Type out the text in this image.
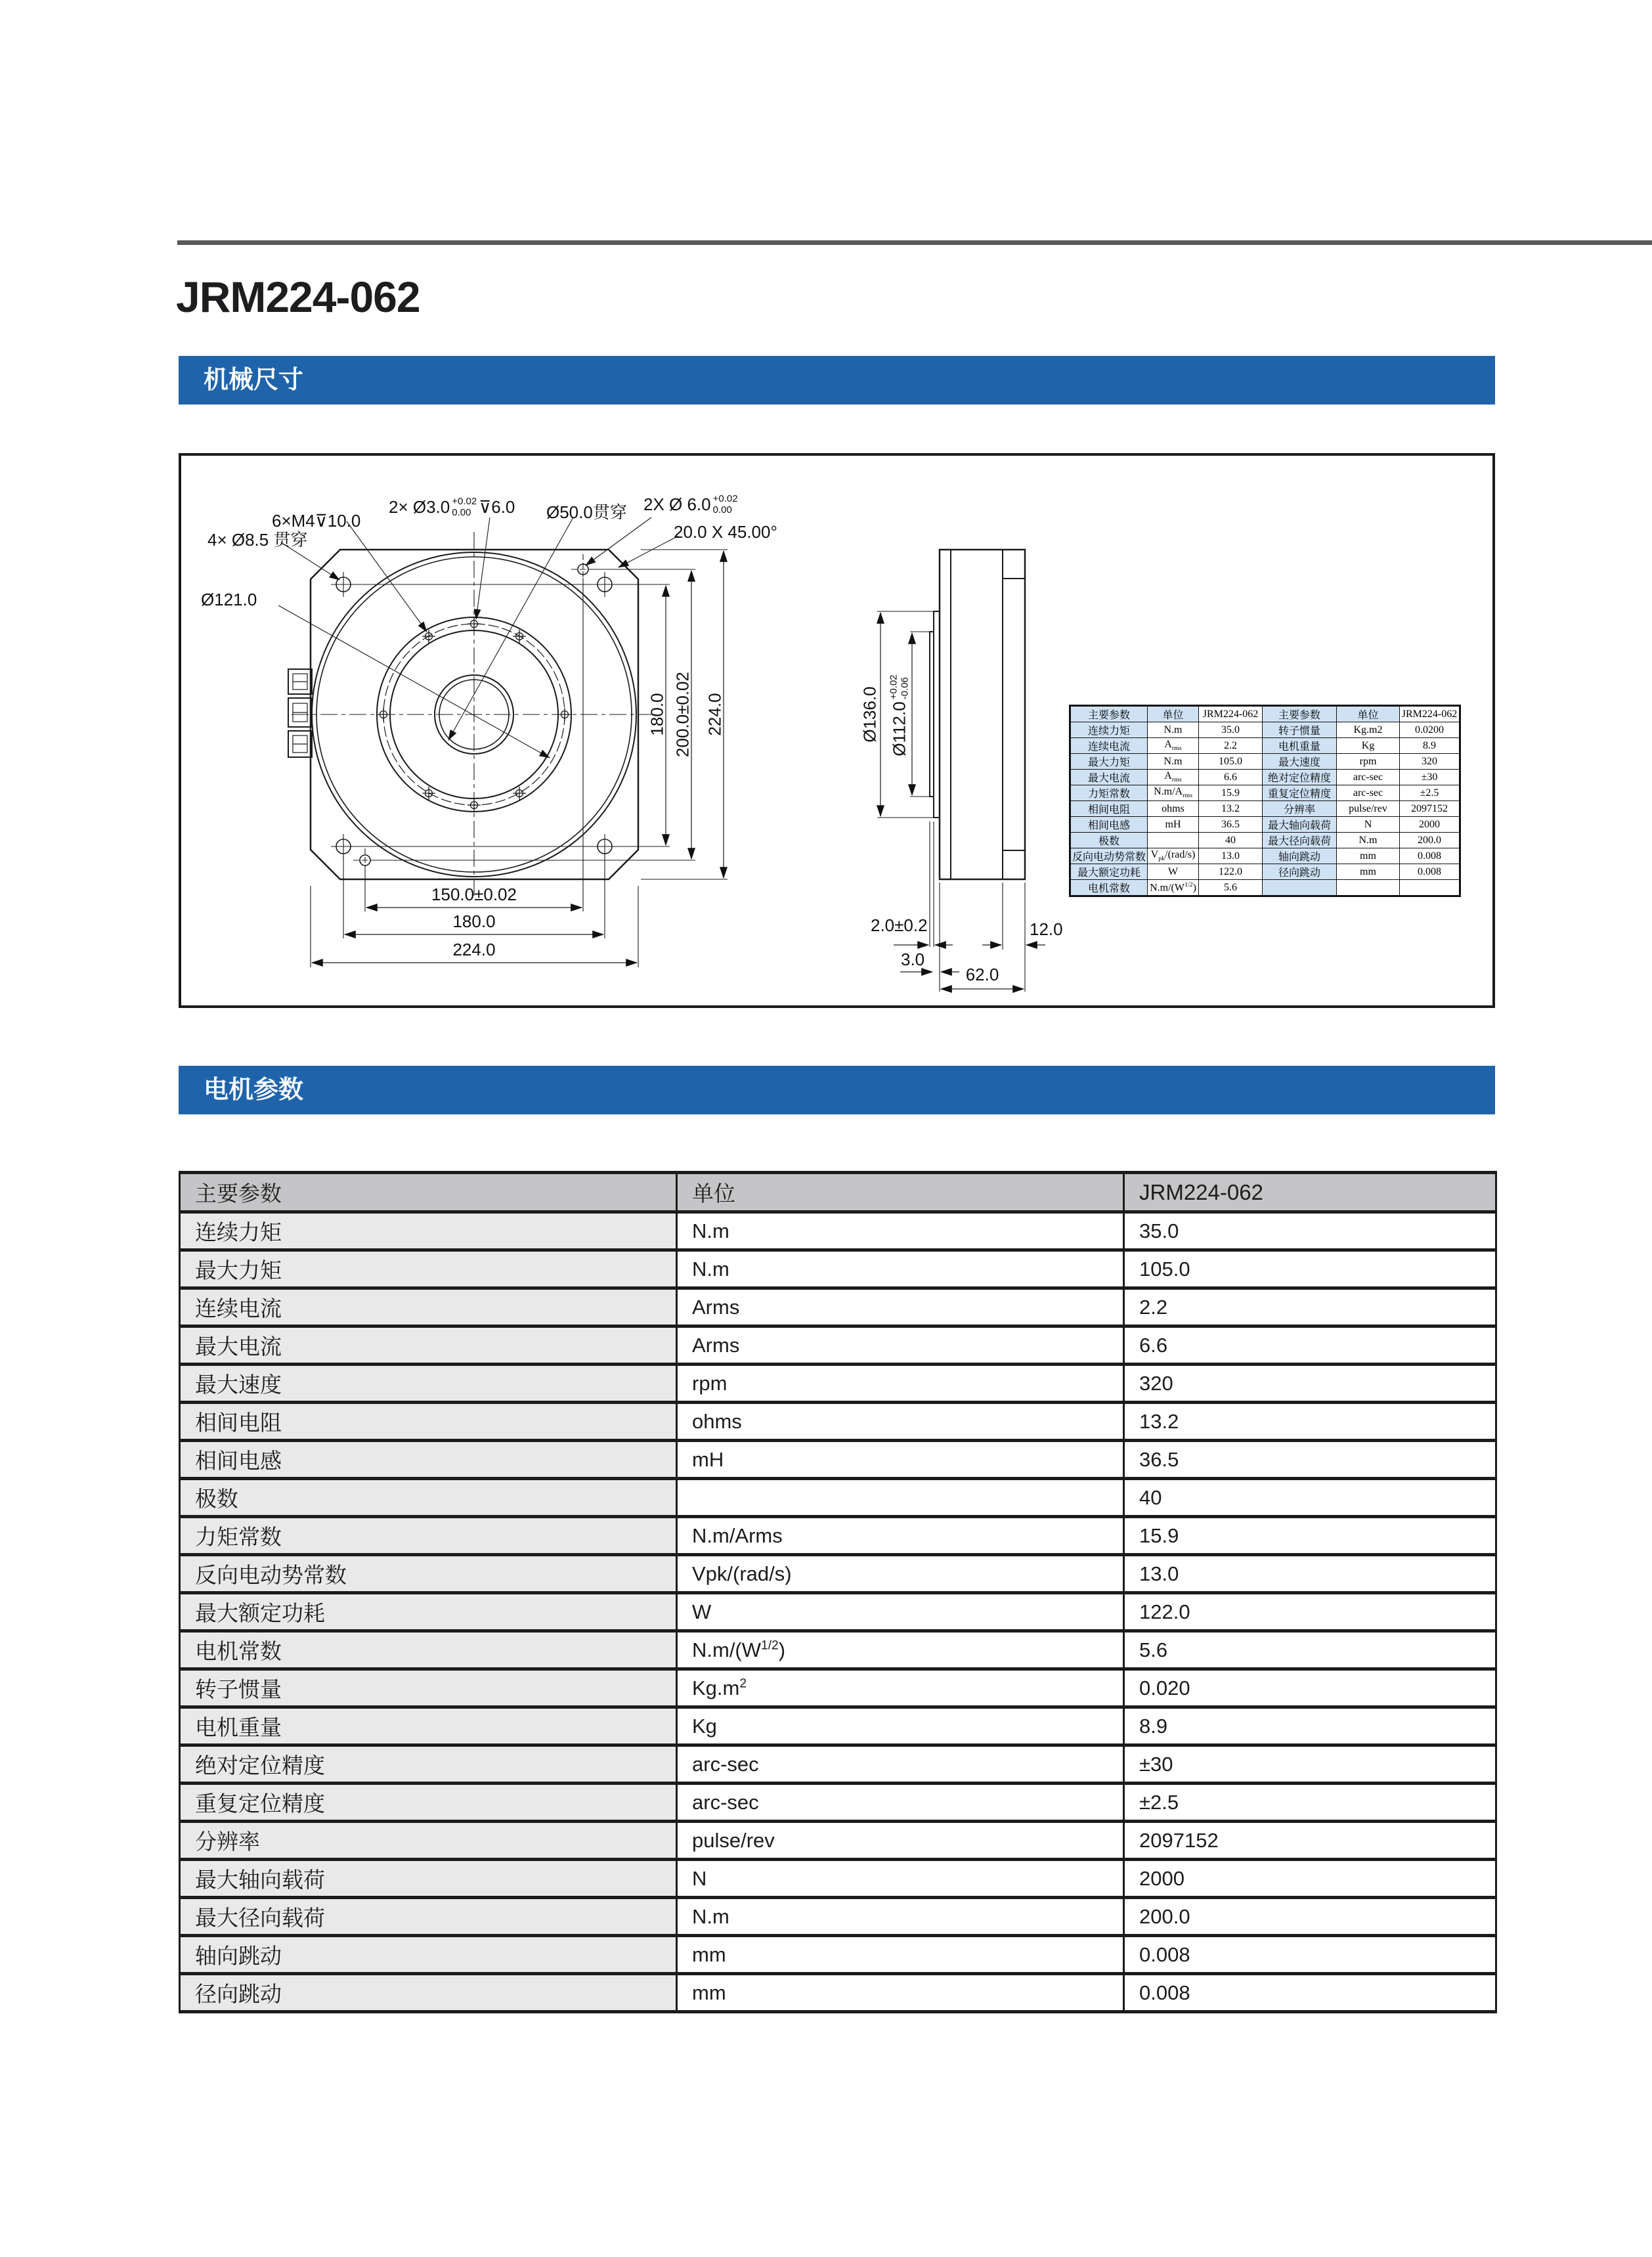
JRM224-062
机械尺寸
6×M4⊽10.0
2× Ø3.0 +0.02
0.00 ⊽6.0 Ø50.0贯穿 2X Ø 6.0 +0.02
0.00
20.0 X 45.00°
4× Ø8.5 贯穿
Ø121.0
180.0 200.0±0.02 224.0
150.0±0.02
180.0
224.0
Ø136.0 Ø112.0
+0.02 -0.06
2.0±0.2
3.0
12.0
62.0
主要参数	单位	JRM224-062	主要参数	单位	JRM224-062
连续力矩	N.m	35.0	转子惯量	Kg.m2	0.0200
连续电流	$A_{rms}$	2.2	电机重量	Kg	8.9
最大力矩	N.m	105.0	最大速度	rpm	320
最大电流	$A_{rms}$	6.6	绝对定位精度	arc-sec	±30
力矩常数	$N.m/A_{rms}$	15.9	重复定位精度	arc-sec	±2.5
相间电阻	ohms	13.2	分辨率	pulse/rev	2097152
相间电感	mH	36.5	最大轴向载荷	N	2000
极数		40	最大径向载荷	N.m	200.0
反向电动势常数	$V_{pk}/(rad/s)$	13.0	轴向跳动	mm	0.008
最大额定功耗	W	122.0	径向跳动	mm	0.008
电机常数	$N.m/(W^{1/2})$	5.6			
电机参数
主要参数	单位	JRM224-062
连续力矩	N.m	35.0
最大力矩	N.m	105.0
连续电流	Arms	2.2
最大电流	Arms	6.6
最大速度	rpm	320
相间电阻	ohms	13.2
相间电感	mH	36.5
极数		40
力矩常数	N.m/Arms	15.9
反向电动势常数	Vpk/(rad/s)	13.0
最大额定功耗	W	122.0
电机常数	$N.m/(W^{1/2})$	5.6
转子惯量	$Kg.m^2$	0.020
电机重量	Kg	8.9
绝对定位精度	arc-sec	±30
重复定位精度	arc-sec	±2.5
分辨率	pulse/rev	2097152
最大轴向载荷	N	2000
最大径向载荷	N.m	200.0
轴向跳动	mm	0.008
径向跳动	mm	0.008
